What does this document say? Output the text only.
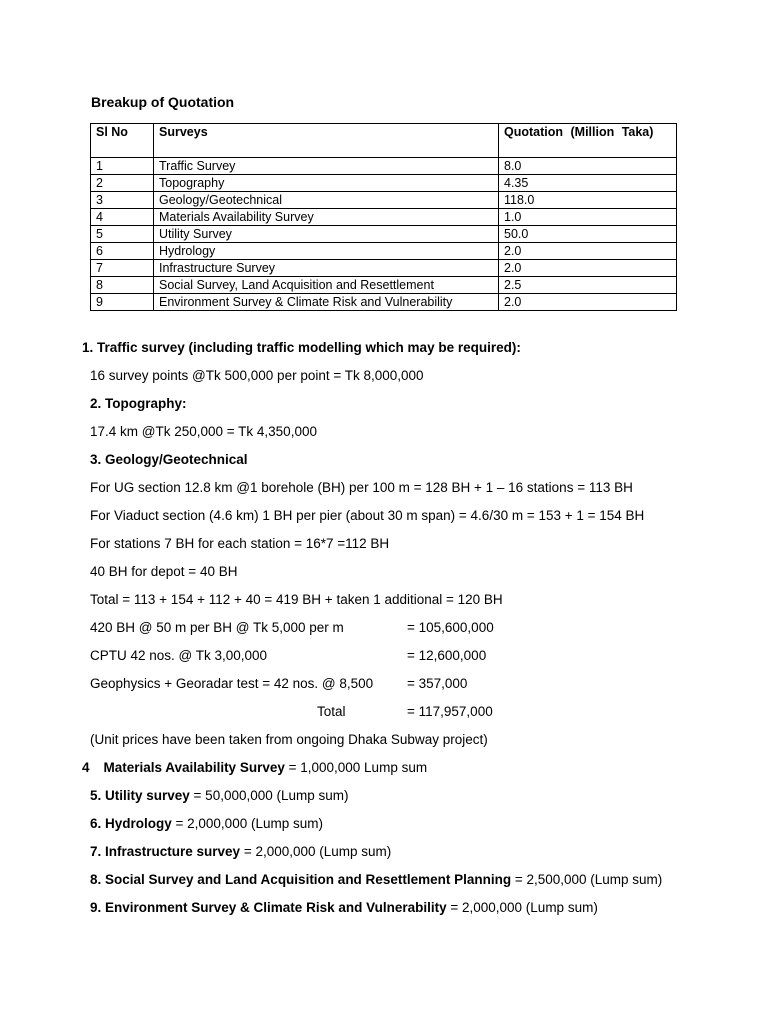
Breakup of Quotation
Sl No	Surveys	Quotation (Million Taka)
1	Traffic Survey	8.0
2	Topography	4.35
3	Geology/Geotechnical	118.0
4	Materials Availability Survey	1.0
5	Utility Survey	50.0
6	Hydrology	2.0
7	Infrastructure Survey	2.0
8	Social Survey, Land Acquisition and Resettlement	2.5
9	Environment Survey & Climate Risk and Vulnerability	2.0
1. Traffic survey (including traffic modelling which may be required):
16 survey points @Tk 500,000 per point = Tk 8,000,000
2. Topography:
17.4 km @Tk 250,000 = Tk 4,350,000
3. Geology/Geotechnical
For UG section 12.8 km @1 borehole (BH) per 100 m = 128 BH + 1 – 16 stations = 113 BH
For Viaduct section (4.6 km) 1 BH per pier (about 30 m span) = 4.6/30 m = 153 + 1 = 154 BH
For stations 7 BH for each station = 16*7 =112 BH
40 BH for depot = 40 BH
Total = 113 + 154 + 112 + 40 = 419 BH + taken 1 additional = 120 BH
420 BH @ 50 m per BH @ Tk 5,000 per m	= 105,600,000
CPTU 42 nos. @ Tk 3,00,000	= 12,600,000
Geophysics + Georadar test = 42 nos. @ 8,500	= 357,000
Total	= 117,957,000
(Unit prices have been taken from ongoing Dhaka Subway project)
4 Materials Availability Survey = 1,000,000 Lump sum
5. Utility survey = 50,000,000 (Lump sum)
6. Hydrology = 2,000,000 (Lump sum)
7. Infrastructure survey = 2,000,000 (Lump sum)
8. Social Survey and Land Acquisition and Resettlement Planning = 2,500,000 (Lump sum)
9. Environment Survey & Climate Risk and Vulnerability = 2,000,000 (Lump sum)
